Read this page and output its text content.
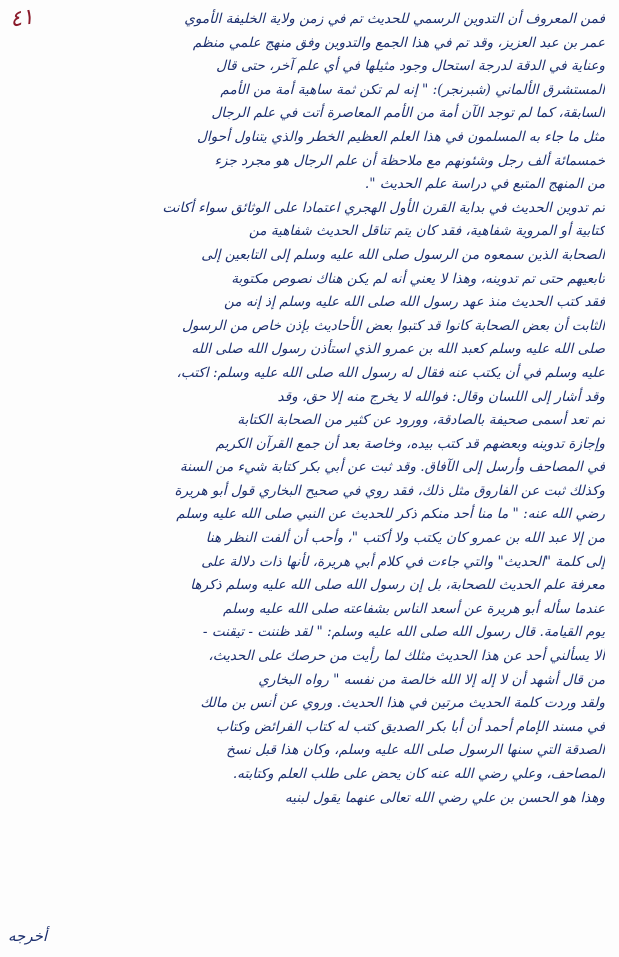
٤١	فمن المعروف أن التدوين الرسمي للحديث تم في زمن ولاية الخليفة الأموي
عمر بن عبد العزيز، وقد تم في هذا الجمع والتدوين وفق منهج علمي منظم
وعناية في الدقة لدرجة استحال وجود مثيلها في أي علم آخر، حتى قال
المستشرق الألماني (شبرنجر): " إنه لم تكن ثمة ساهية أمة من الأمم
السابقة، كما لم توجد الآن أمة من الأمم المعاصرة أتت في علم الرجال
مثل ما جاء به المسلمون في هذا العلم العظيم الخطر والذي يتناول أحوال
خمسمائة ألف رجل وشئونهم مع ملاحظة أن علم الرجال هو مجرد جزء
من المنهج المتبع في دراسة علم الحديث ".
تم تدوين الحديث في بداية القرن الأول الهجري اعتمادا على الوثائق سواء أكانت
كتابية أو المروية شفاهية، فقد كان يتم تناقل الحديث شفاهية من
الصحابة الذين سمعوه من الرسول صلى الله عليه وسلم إلى التابعين إلى
تابعيهم حتى تم تدوينه، وهذا لا يعني أنه لم يكن هناك نصوص مكتوبة
فقد كتب الحديث منذ عهد رسول الله صلى الله عليه وسلم إذ إنه من
الثابت أن بعض الصحابة كانوا قد كتبوا بعض الأحاديث بإذن خاص من الرسول
صلى الله عليه وسلم كعبد الله بن عمرو الذي استأذن رسول الله صلى الله
عليه وسلم في أن يكتب عنه فقال له رسول الله صلى الله عليه وسلم: اكتب،
وقد أشار إلى اللسان وقال: فوالله لا يخرج منه إلا حق، وقد
تم تعد أسمى صحيفة بالصادقة، وورود عن كثير من الصحابة الكتابة
وإجازة تدوينه وبعضهم قد كتب بيده، وخاصة بعد أن جمع القرآن الكريم
في المصاحف وأرسل إلى الآفاق. وقد ثبت عن أبي بكر كتابة شيء من السنة
وكذلك ثبت عن الفاروق مثل ذلك، فقد روي في صحيح البخاري قول أبو هريرة
رضي الله عنه: " ما منا أحد منكم ذكر للحديث عن النبي صلى الله عليه وسلم
من إلا عبد الله بن عمرو كان يكتب ولا أكتب "، وأحب أن ألفت النظر هنا
إلى كلمة "الحديث" والتي جاءت في كلام أبي هريرة، لأنها ذات دلالة على
معرفة علم الحديث للصحابة، بل إن رسول الله صلى الله عليه وسلم ذكرها
عندما سأله أبو هريرة عن أسعد الناس بشفاعته صلى الله عليه وسلم
يوم القيامة. قال رسول الله صلى الله عليه وسلم: " لقد ظننت - تيقنت -
ألا يسألني أحد عن هذا الحديث مثلك لما رأيت من حرصك على الحديث،
من قال أشهد أن لا إله إلا الله خالصة من نفسه " رواه البخاري
ولقد وردت كلمة الحديث مرتين في هذا الحديث. وروي عن أنس بن مالك
في مسند الإمام أحمد أن أبا بكر الصديق كتب له كتاب الفرائض وكتاب
الصدقة التي سنها الرسول صلى الله عليه وسلم، وكان هذا قبل نسخ
المصاحف، وعلي رضي الله عنه كان يحض على طلب العلم وكتابته.
وهذا هو الحسن بن علي رضي الله تعالى عنهما يقول لبنيه
أخرجه
